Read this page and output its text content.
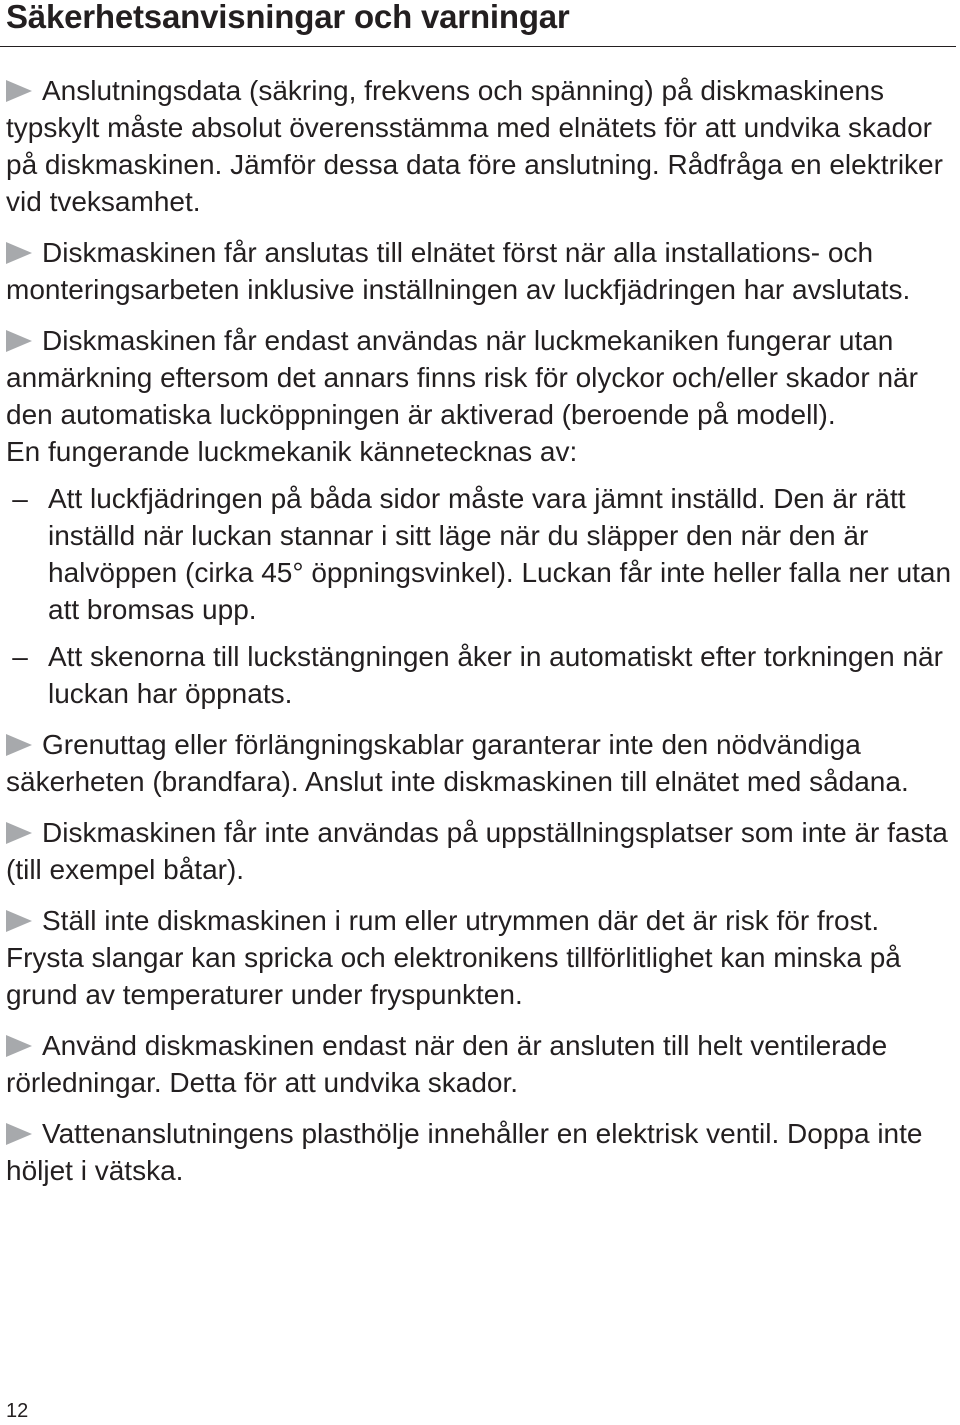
Säkerhetsanvisningar och varningar

Anslutningsdata (säkring, frekvens och spänning) på diskmaskinens typskylt måste absolut överensstämma med elnätets för att undvika skador på diskmaskinen. Jämför dessa data före anslutning. Rådfråga en elektriker vid tveksamhet.

Diskmaskinen får anslutas till elnätet först när alla installations- och monteringsarbeten inklusive inställningen av luckfjädringen har avslutats.

Diskmaskinen får endast användas när luckmekaniken fungerar utan anmärkning eftersom det annars finns risk för olyckor och/eller skador när den automatiska lucköppningen är aktiverad (beroende på modell).

En fungerande luckmekanik kännetecknas av:

– Att luckfjädringen på båda sidor måste vara jämnt inställd. Den är rätt inställd när luckan stannar i sitt läge när du släpper den när den är halvöppen (cirka 45° öppningsvinkel). Luckan får inte heller falla ner utan att bromsas upp.

– Att skenorna till luckstängningen åker in automatiskt efter torkningen när luckan har öppnats.

Grenuttag eller förlängningskablar garanterar inte den nödvändiga säkerheten (brandfara). Anslut inte diskmaskinen till elnätet med sådana.

Diskmaskinen får inte användas på uppställningsplatser som inte är fasta (till exempel båtar).

Ställ inte diskmaskinen i rum eller utrymmen där det är risk för frost. Frysta slangar kan spricka och elektronikens tillförlitlighet kan minska på grund av temperaturer under fryspunkten.

Använd diskmaskinen endast när den är ansluten till helt ventilerade rörledningar. Detta för att undvika skador.

Vattenanslutningens plasthölje innehåller en elektrisk ventil. Doppa inte höljet i vätska.

12
